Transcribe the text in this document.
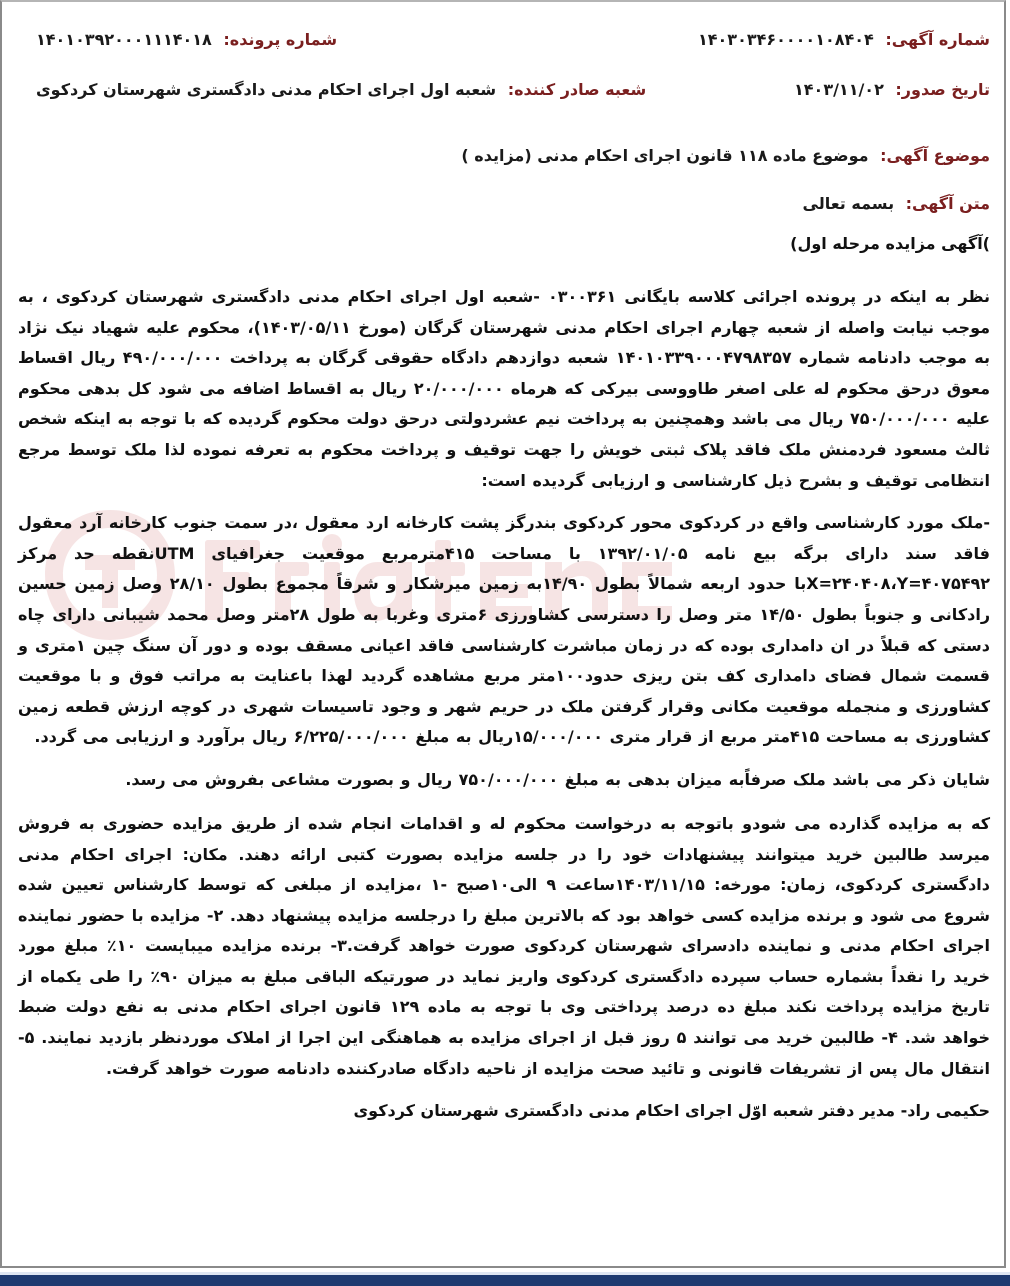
شماره آگهی: ۱۴۰۳۰۳۴۶۰۰۰۰۱۰۸۴۰۴
شماره پرونده: ۱۴۰۱۰۳۹۲۰۰۰۱۱۱۴۰۱۸
تاریخ صدور: ۱۴۰۳/۱۱/۰۲
شعبه صادر کننده: شعبه اول اجرای احکام مدنی دادگستری شهرستان کردکوی
موضوع آگهی: موضوع ماده ۱۱۸ قانون اجرای احکام مدنی (مزایده )
متن آگهی: بسمه تعالی
)آگهی مزایده مرحله اول)

نظر به اینکه در پرونده اجرائی کلاسه بایگانی ۰۳۰۰۳۶۱ -شعبه اول اجرای احکام مدنی دادگستری شهرستان کردکوی ، به موجب نیابت واصله از شعبه چهارم اجرای احکام مدنی شهرستان گرگان (مورخ ۱۴۰۳/۰۵/۱۱)، محکوم علیه شهیاد نیک نژاد به موجب دادنامه شماره ۱۴۰۱۰۳۳۹۰۰۰۴۷۹۸۳۵۷ شعبه دوازدهم دادگاه حقوقی گرگان به پرداخت ۴۹۰/۰۰۰/۰۰۰ ریال اقساط معوق درحق محکوم له علی اصغر طاووسی بیرکی که هرماه ۲۰/۰۰۰/۰۰۰ ریال به اقساط اضافه می شود کل بدهی محکوم علیه ۷۵۰/۰۰۰/۰۰۰ ریال می باشد وهمچنین به پرداخت نیم عشردولتی درحق دولت محکوم گردیده که با توجه به اینکه شخص ثالث مسعود فردمنش ملک فاقد پلاک ثبتی خویش را جهت توقیف و پرداخت محکوم به تعرفه نموده لذا ملک توسط مرجع انتظامی توقیف و بشرح ذیل کارشناسی و ارزیابی گردیده است:

-ملک مورد کارشناسی واقع در کردکوی محور کردکوی بندرگز پشت کارخانه ارد معقول ،در سمت جنوب کارخانه آرد معقول فاقد سند دارای برگه بیع نامه ۱۳۹۲/۰۱/۰۵ با مساحت ۴۱۵مترمربع موقعیت جغرافیای UTMنقطه حد مرکز X=۲۴۰۴۰۸،Y=۴۰۷۵۴۹۲با حدود اربعه شمالاً بطول ۱۴/۹۰به زمین میرشکار و شرقاً مجموع بطول ۲۸/۱۰ وصل زمین حسین رادکانی و جنوباً بطول ۱۴/۵۰ متر وصل را دسترسی کشاورزی ۶متری وغربا به طول ۲۸متر وصل محمد شیبانی دارای چاه دستی که قبلاً در ان دامداری بوده که در زمان مباشرت کارشناسی فاقد اعیانی مسقف بوده و دور آن سنگ چین ۱متری و قسمت شمال فضای دامداری کف بتن ریزی حدود۱۰۰متر مربع مشاهده گردید لهذا باعنایت به مراتب فوق و با موقعیت کشاورزی و منجمله موقعیت مکانی وقرار گرفتن ملک در حریم شهر و وجود تاسیسات شهری در کوچه ارزش قطعه زمین کشاورزی به مساحت ۴۱۵متر مربع از قرار متری ۱۵/۰۰۰/۰۰۰ریال به مبلغ ۶/۲۲۵/۰۰۰/۰۰۰ ریال برآورد و ارزیابی می گردد.

شایان ذکر می باشد ملک صرفاًبه میزان بدهی به مبلغ ۷۵۰/۰۰۰/۰۰۰ ریال و بصورت مشاعی بفروش می رسد.

که به مزایده گذارده می شودو باتوجه به درخواست محکوم له و اقدامات انجام شده از طریق مزایده حضوری به فروش میرسد طالبین خرید میتوانند پیشنهادات خود را در جلسه مزایده بصورت کتبی ارائه دهند. مکان: اجرای احکام مدنی دادگستری کردکوی، زمان: مورخه: ۱۴۰۳/۱۱/۱۵ساعت ۹ الی۱۰صبح -۱ ،مزایده از مبلغی که توسط کارشناس تعیین شده شروع می شود و برنده مزایده کسی خواهد بود که بالاترین مبلغ را درجلسه مزایده پیشنهاد دهد. ۲- مزایده با حضور نماینده اجرای احکام مدنی و نماینده دادسرای شهرستان کردکوی صورت خواهد گرفت.۳- برنده مزایده میبایست ۱۰٪ مبلغ مورد خرید را نقداً بشماره حساب سپرده دادگستری کردکوی واریز نماید در صورتیکه الباقی مبلغ به میزان ۹۰٪ را طی یکماه از تاریخ مزایده پرداخت نکند مبلغ ده درصد پرداختی وی با توجه به ماده ۱۲۹ قانون اجرای احکام مدنی به نفع دولت ضبط خواهد شد. ۴- طالبین خرید می توانند ۵ روز قبل از اجرای مزایده به هماهنگی این اجرا از املاک موردنظر بازدید نمایند. ۵-انتقال مال پس از تشریفات قانونی و تائید صحت مزایده از ناحیه دادگاه صادرکننده دادنامه صورت خواهد گرفت.

حکیمی راد- مدیر دفتر شعبه اوّل اجرای احکام مدنی دادگستری شهرستان کردکوی
